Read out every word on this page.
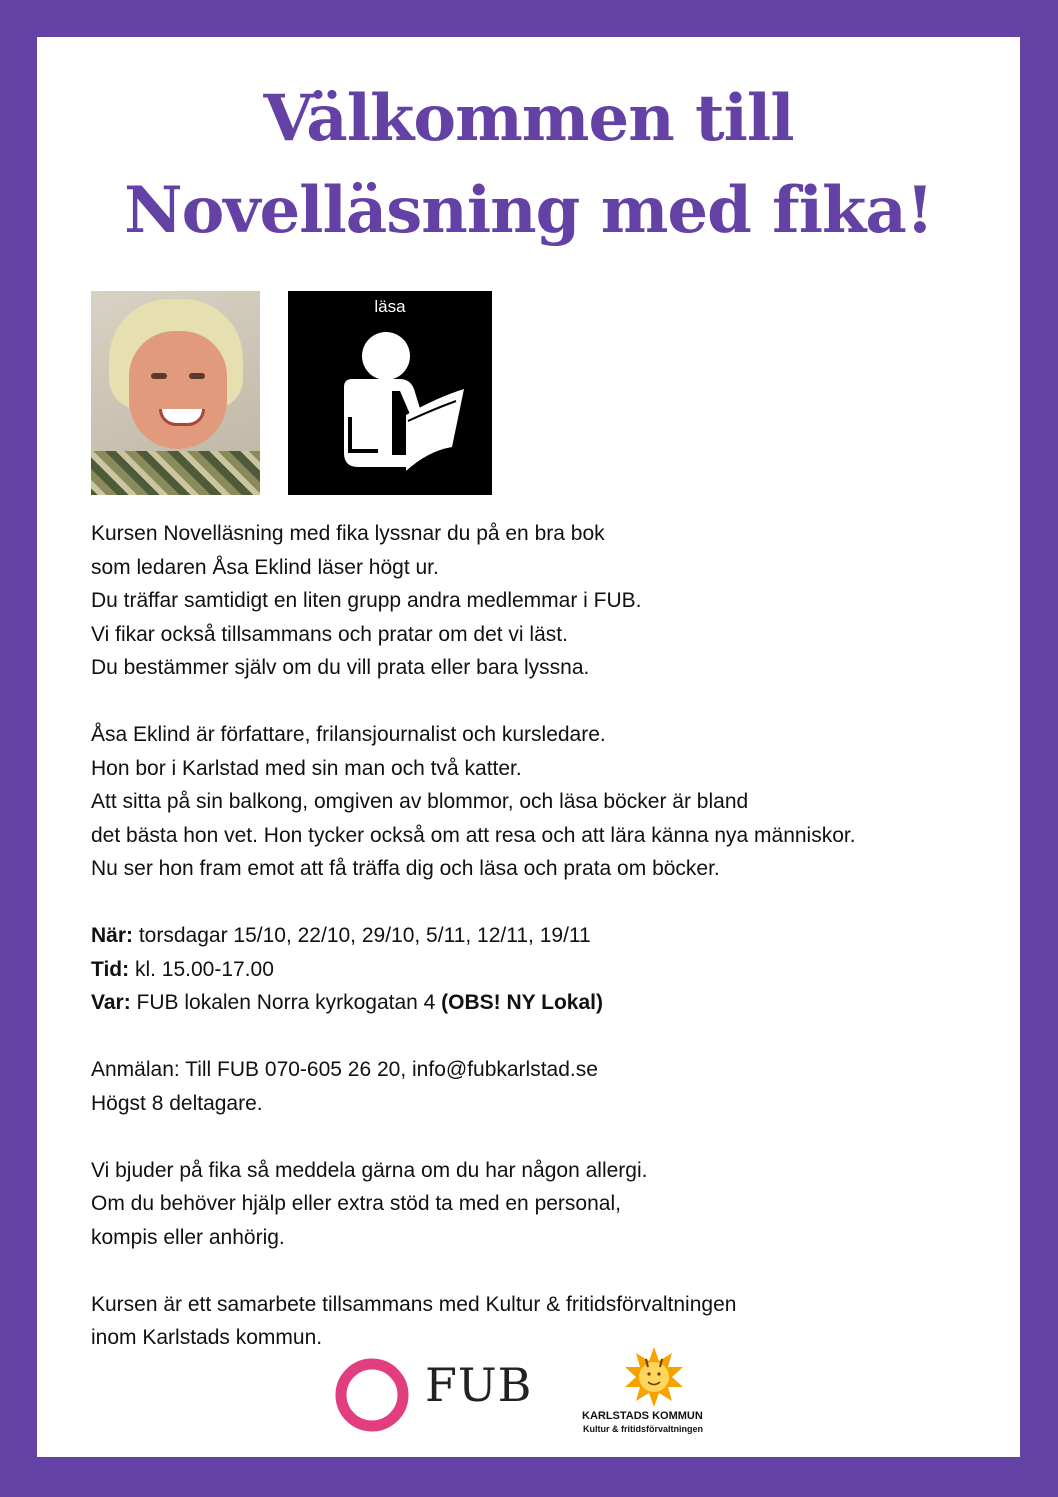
Välkommen till
Novelläsning med fika!
läsa
Kursen Novelläsning med fika lyssnar du på en bra bok
som ledaren Åsa Eklind läser högt ur.
Du träffar samtidigt en liten grupp andra medlemmar i FUB.
Vi fikar också tillsammans och pratar om det vi läst.
Du bestämmer själv om du vill prata eller bara lyssna.
Åsa Eklind är författare, frilansjournalist och kursledare.
Hon bor i Karlstad med sin man och två katter.
Att sitta på sin balkong, omgiven av blommor, och läsa böcker är bland
det bästa hon vet. Hon tycker också om att resa och att lära känna nya människor.
Nu ser hon fram emot att få träffa dig och läsa och prata om böcker.
När: torsdagar 15/10, 22/10, 29/10, 5/11, 12/11, 19/11
Tid: kl. 15.00-17.00
Var: FUB lokalen Norra kyrkogatan 4 (OBS! NY Lokal)
Anmälan: Till FUB 070-605 26 20, info@fubkarlstad.se
Högst 8 deltagare.
Vi bjuder på fika så meddela gärna om du har någon allergi.
Om du behöver hjälp eller extra stöd ta med en personal,
kompis eller anhörig.
Kursen är ett samarbete tillsammans med Kultur & fritidsförvaltningen
inom Karlstads kommun.
FUB
KARLSTADS KOMMUN
Kultur & fritidsförvaltningen
